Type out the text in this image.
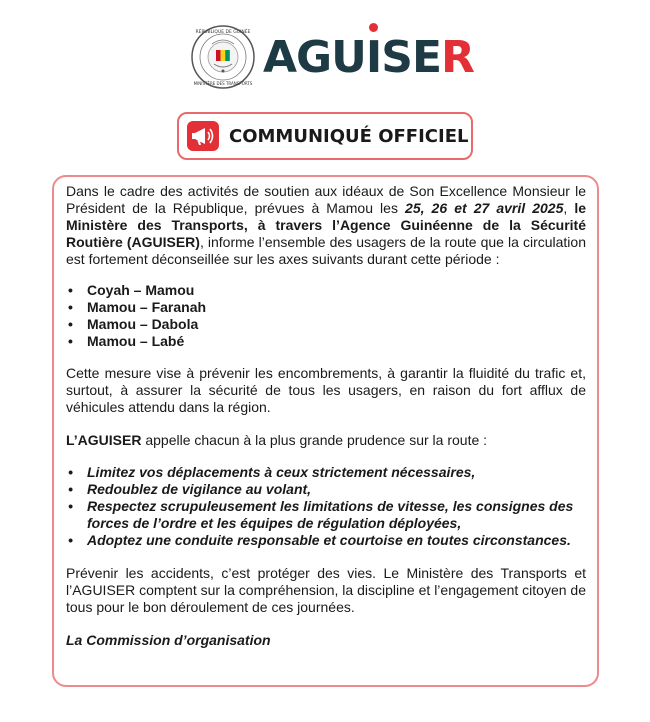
RÉPUBLIQUE DE GUINÉE
MINISTÈRE DES TRANSPORTS
AGU
ISER
COMMUNIQUÉ OFFICIEL

Dans le cadre des activités de soutien aux idéaux de Son Excellence Monsieur le Président de la République, prévues à Mamou les 25, 26 et 27 avril 2025, le Ministère des Transports, à travers l’Agence Guinéenne de la Sécurité Routière (AGUISER), informe l’ensemble des usagers de la route que la circulation est fortement déconseillée sur les axes suivants durant cette période :

• Coyah – Mamou
• Mamou – Faranah
• Mamou – Dabola
• Mamou – Labé

Cette mesure vise à prévenir les encombrements, à garantir la fluidité du trafic et, surtout, à assurer la sécurité de tous les usagers, en raison du fort afflux de véhicules attendu dans la région.

L’AGUISER appelle chacun à la plus grande prudence sur la route :

• Limitez vos déplacements à ceux strictement nécessaires,
• Redoublez de vigilance au volant,
• Respectez scrupuleusement les limitations de vitesse, les consignes des forces de l’ordre et les équipes de régulation déployées,
• Adoptez une conduite responsable et courtoise en toutes circonstances.

Prévenir les accidents, c’est protéger des vies. Le Ministère des Transports et l’AGUISER comptent sur la compréhension, la discipline et l’engagement citoyen de tous pour le bon déroulement de ces journées.

La Commission d’organisation
